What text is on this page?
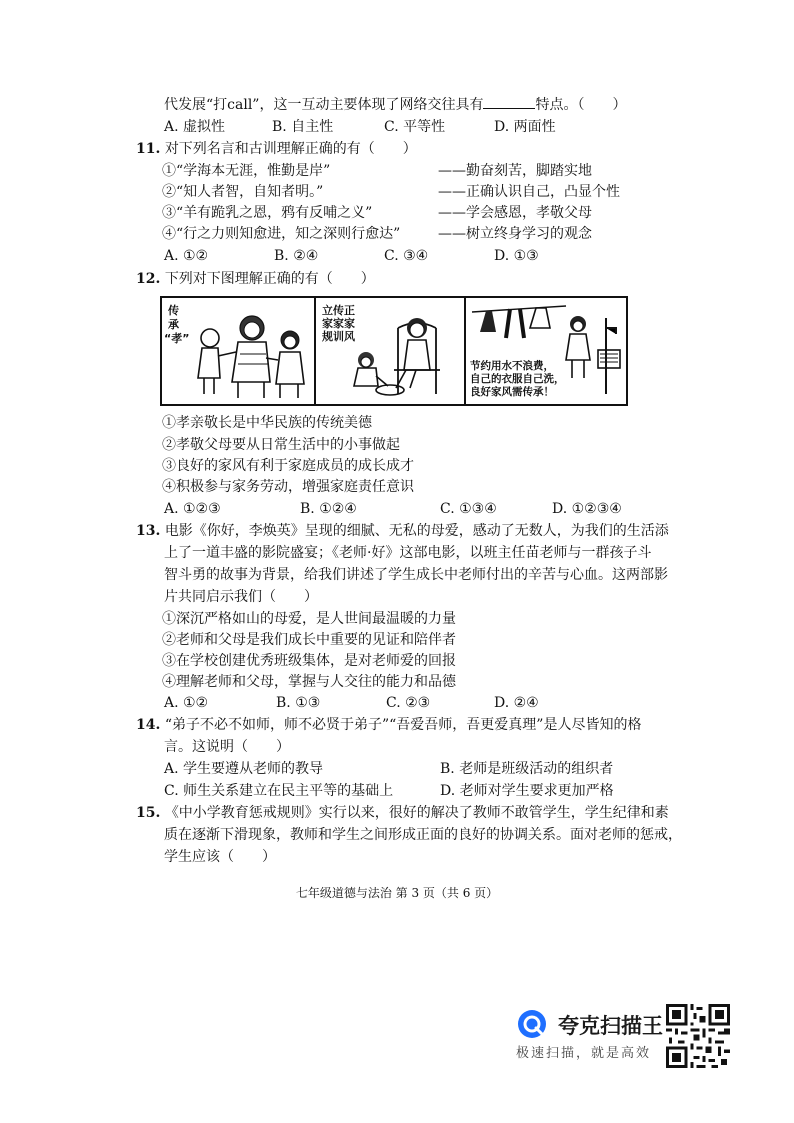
代发展“打call”，这一互动主要体现了网络交往具有	特点。（　　）
A. 虚拟性	B. 自主性	C. 平等性	D. 两面性
11. 对下列名言和古训理解正确的有（　　）
①“学海本无涯，惟勤是岸”	——勤奋刻苦，脚踏实地
②“知人者智，自知者明。”	——正确认识自己，凸显个性
③“羊有跪乳之恩，鸦有反哺之义”	——学会感恩，孝敬父母
④“行之力则知愈进，知之深则行愈达”	——树立终身学习的观念
A. ①②	B. ②④	C. ③④	D. ①③
12. 下列对下图理解正确的有（　　）
传
承
“孝”
立传正
家家家
规训风
节约用水不浪费，
自己的衣服自己洗，
良好家风需传承！
①孝亲敬长是中华民族的传统美德
②孝敬父母要从日常生活中的小事做起
③良好的家风有利于家庭成员的成长成才
④积极参与家务劳动，增强家庭责任意识
A. ①②③	B. ①②④	C. ①③④	D. ①②③④
13. 电影《你好，李焕英》呈现的细腻、无私的母爱，感动了无数人，为我们的生活添
上了一道丰盛的影院盛宴；《老师·好》这部电影，以班主任苗老师与一群孩子斗
智斗勇的故事为背景，给我们讲述了学生成长中老师付出的辛苦与心血。这两部影
片共同启示我们（　　）
①深沉严格如山的母爱，是人世间最温暖的力量
②老师和父母是我们成长中重要的见证和陪伴者
③在学校创建优秀班级集体，是对老师爱的回报
④理解老师和父母，掌握与人交往的能力和品德
A. ①②	B. ①③	C. ②③	D. ②④
14. “弟子不必不如师，师不必贤于弟子”“吾爱吾师，吾更爱真理”是人尽皆知的格
言。这说明（　　）
A. 学生要遵从老师的教导	B. 老师是班级活动的组织者
C. 师生关系建立在民主平等的基础上	D. 老师对学生要求更加严格
15. 《中小学教育惩戒规则》实行以来，很好的解决了教师不敢管学生，学生纪律和素
质在逐渐下滑现象，教师和学生之间形成正面的良好的协调关系。面对老师的惩戒，
学生应该（　　）
七年级道德与法治 第 3 页（共 6 页）
夸克扫描王
极速扫描，就是高效
